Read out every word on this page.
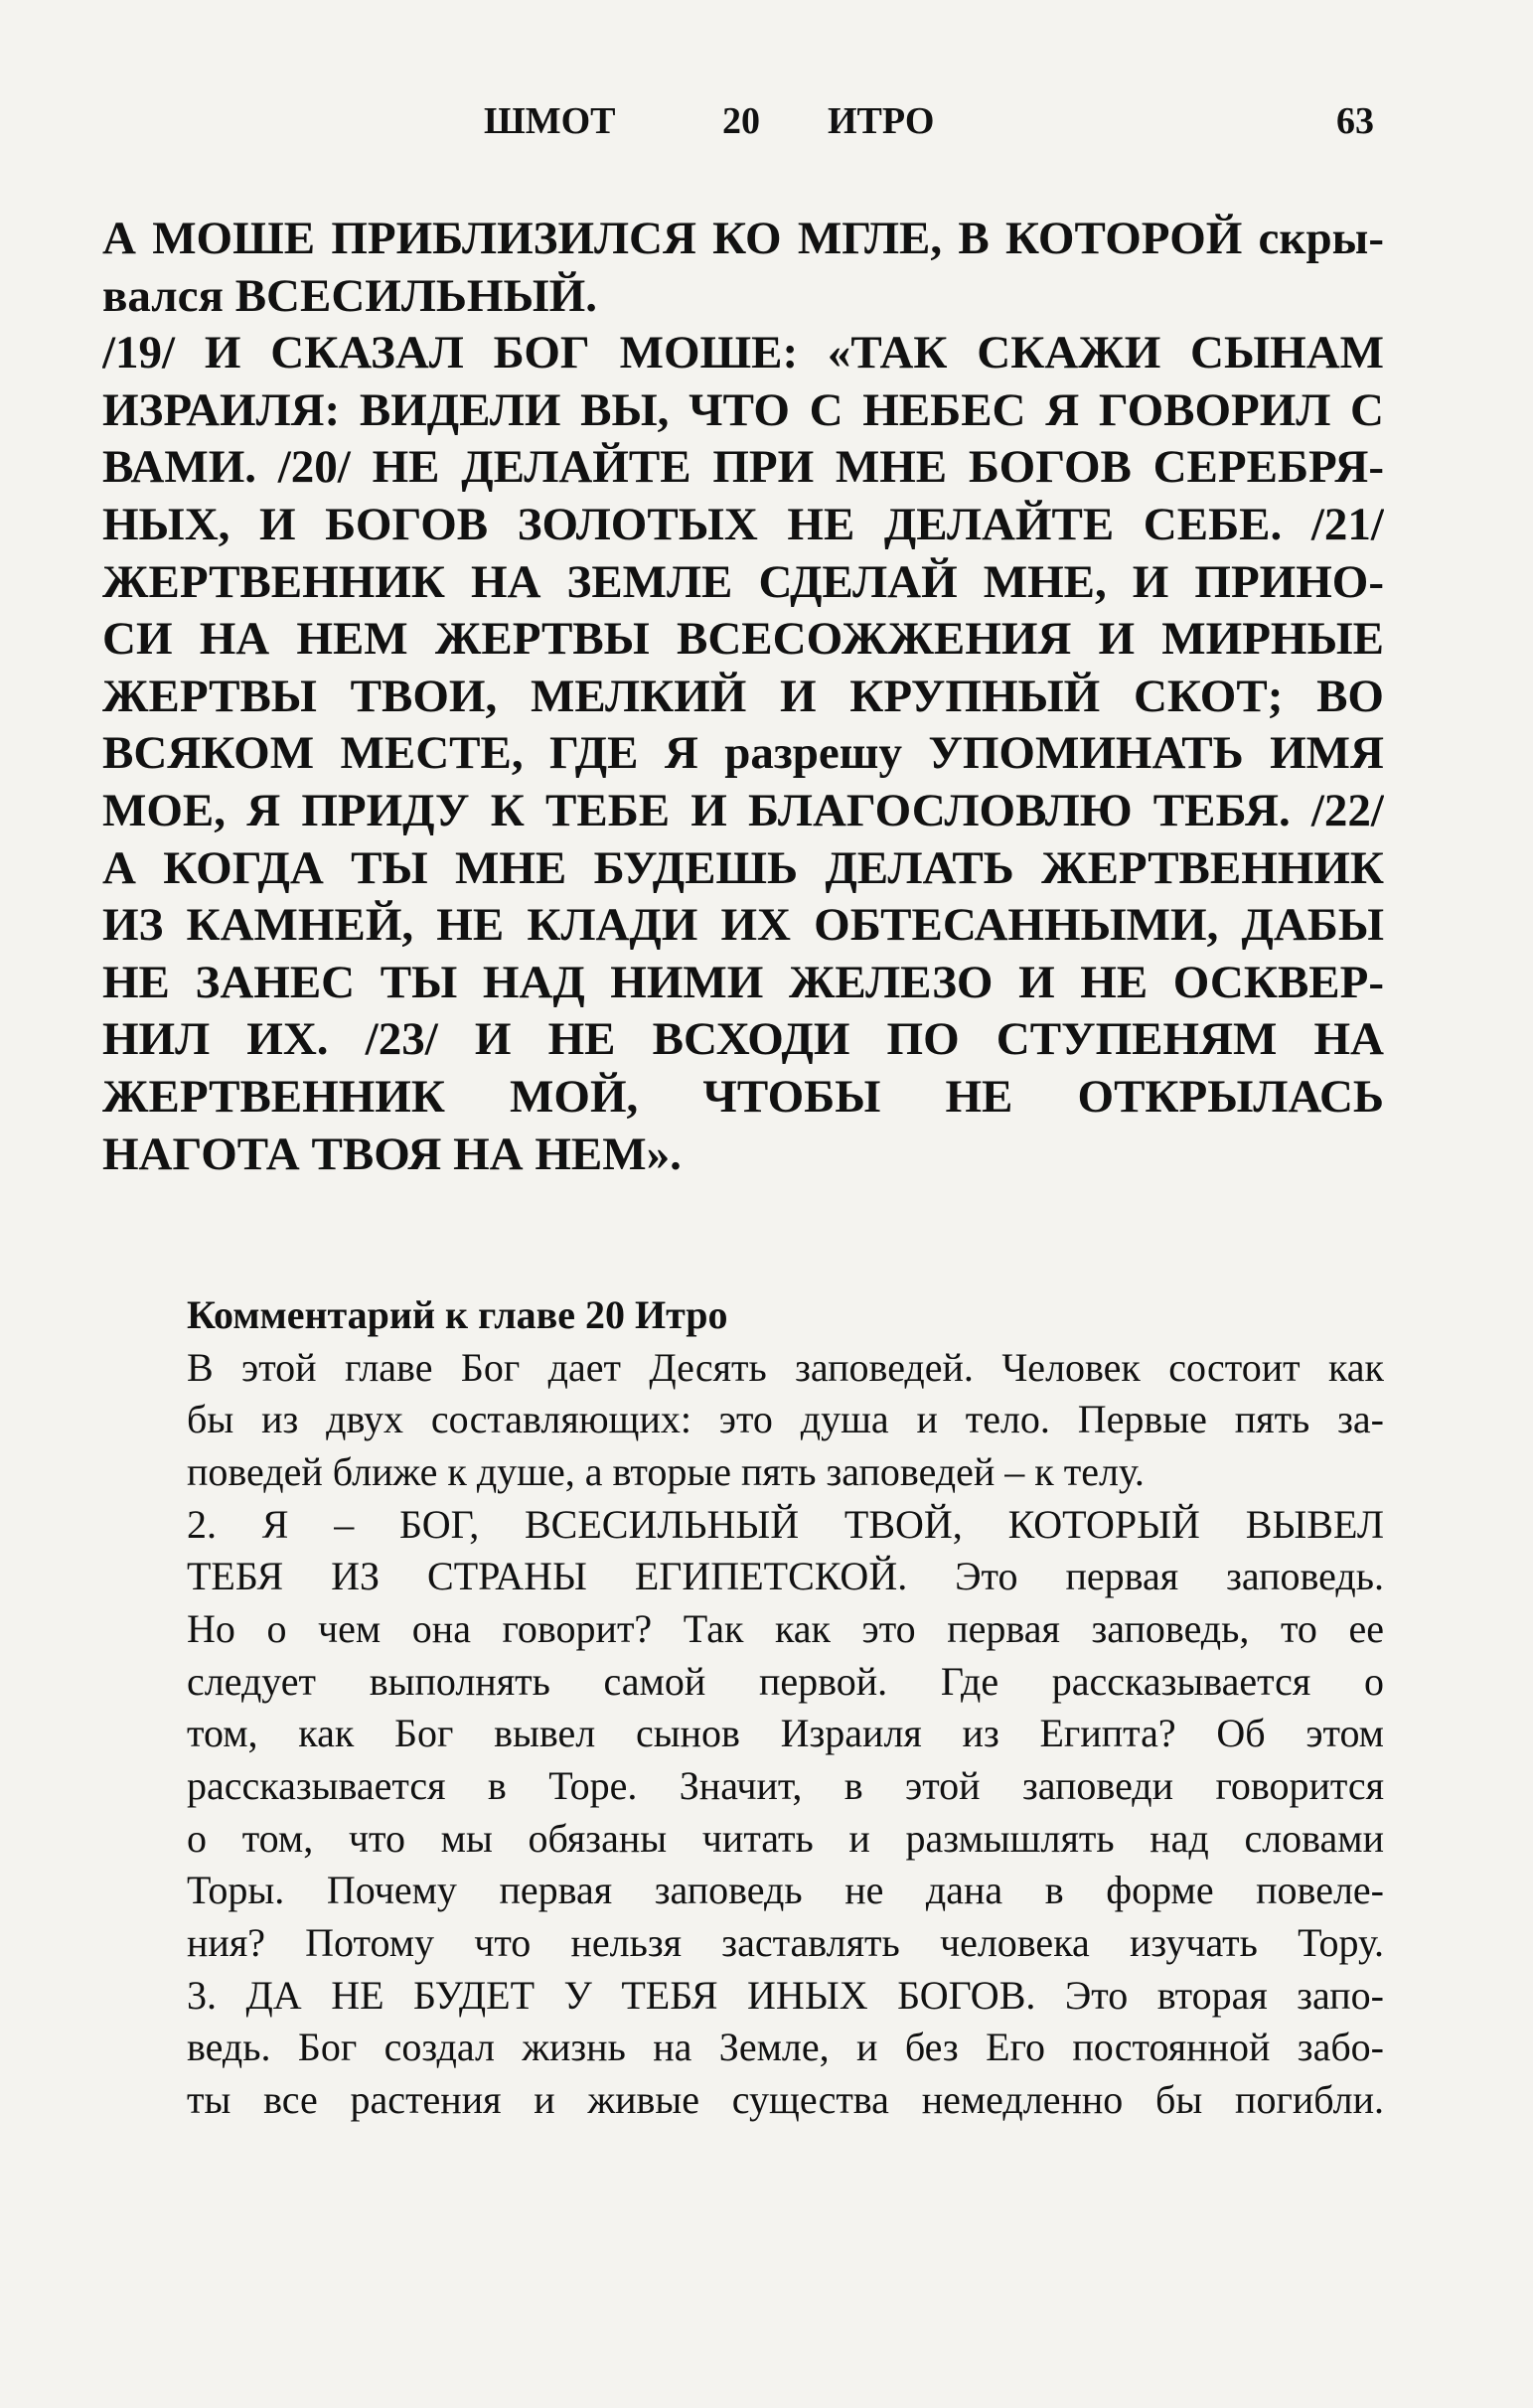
ШМОТ	20 ИТРО	63
А МОШЕ ПРИБЛИЗИЛСЯ КО МГЛЕ, В КОТОРОЙ скры-
вался ВСЕСИЛЬНЫЙ.
/19/ И СКАЗАЛ БОГ МОШЕ: «ТАК СКАЖИ СЫНАМ
ИЗРАИЛЯ: ВИДЕЛИ ВЫ, ЧТО С НЕБЕС Я ГОВОРИЛ С
ВАМИ. /20/ НЕ ДЕЛАЙТЕ ПРИ МНЕ БОГОВ СЕРЕБРЯ-
НЫХ, И БОГОВ ЗОЛОТЫХ НЕ ДЕЛАЙТЕ СЕБЕ. /21/
ЖЕРТВЕННИК НА ЗЕМЛЕ СДЕЛАЙ МНЕ, И ПРИНО-
СИ НА НЕМ ЖЕРТВЫ ВСЕСОЖЖЕНИЯ И МИРНЫЕ
ЖЕРТВЫ ТВОИ, МЕЛКИЙ И КРУПНЫЙ СКОТ; ВО
ВСЯКОМ МЕСТЕ, ГДЕ Я разрешу УПОМИНАТЬ ИМЯ
МОЕ, Я ПРИДУ К ТЕБЕ И БЛАГОСЛОВЛЮ ТЕБЯ. /22/
А КОГДА ТЫ МНЕ БУДЕШЬ ДЕЛАТЬ ЖЕРТВЕННИК
ИЗ КАМНЕЙ, НЕ КЛАДИ ИХ ОБТЕСАННЫМИ, ДАБЫ
НЕ ЗАНЕС ТЫ НАД НИМИ ЖЕЛЕЗО И НЕ ОСКВЕР-
НИЛ ИХ. /23/ И НЕ ВСХОДИ ПО СТУПЕНЯМ НА
ЖЕРТВЕННИК МОЙ, ЧТОБЫ НЕ ОТКРЫЛАСЬ
НАГОТА ТВОЯ НА НЕМ».
Комментарий к главе 20 Итро
В этой главе Бог дает Десять заповедей. Человек состоит как
бы из двух составляющих: это душа и тело. Первые пять за-
поведей ближе к душе, а вторые пять заповедей – к телу.
2. Я – БОГ, ВСЕСИЛЬНЫЙ ТВОЙ, КОТОРЫЙ ВЫВЕЛ
ТЕБЯ ИЗ СТРАНЫ ЕГИПЕТСКОЙ. Это первая заповедь.
Но о чем она говорит? Так как это первая заповедь, то ее
следует выполнять самой первой. Где рассказывается о
том, как Бог вывел сынов Израиля из Египта? Об этом
рассказывается в Торе. Значит, в этой заповеди говорится
о том, что мы обязаны читать и размышлять над словами
Торы. Почему первая заповедь не дана в форме повеле-
ния? Потому что нельзя заставлять человека изучать Тору.
3. ДА НЕ БУДЕТ У ТЕБЯ ИНЫХ БОГОВ. Это вторая запо-
ведь. Бог создал жизнь на Земле, и без Его постоянной забо-
ты все растения и живые существа немедленно бы погибли.
